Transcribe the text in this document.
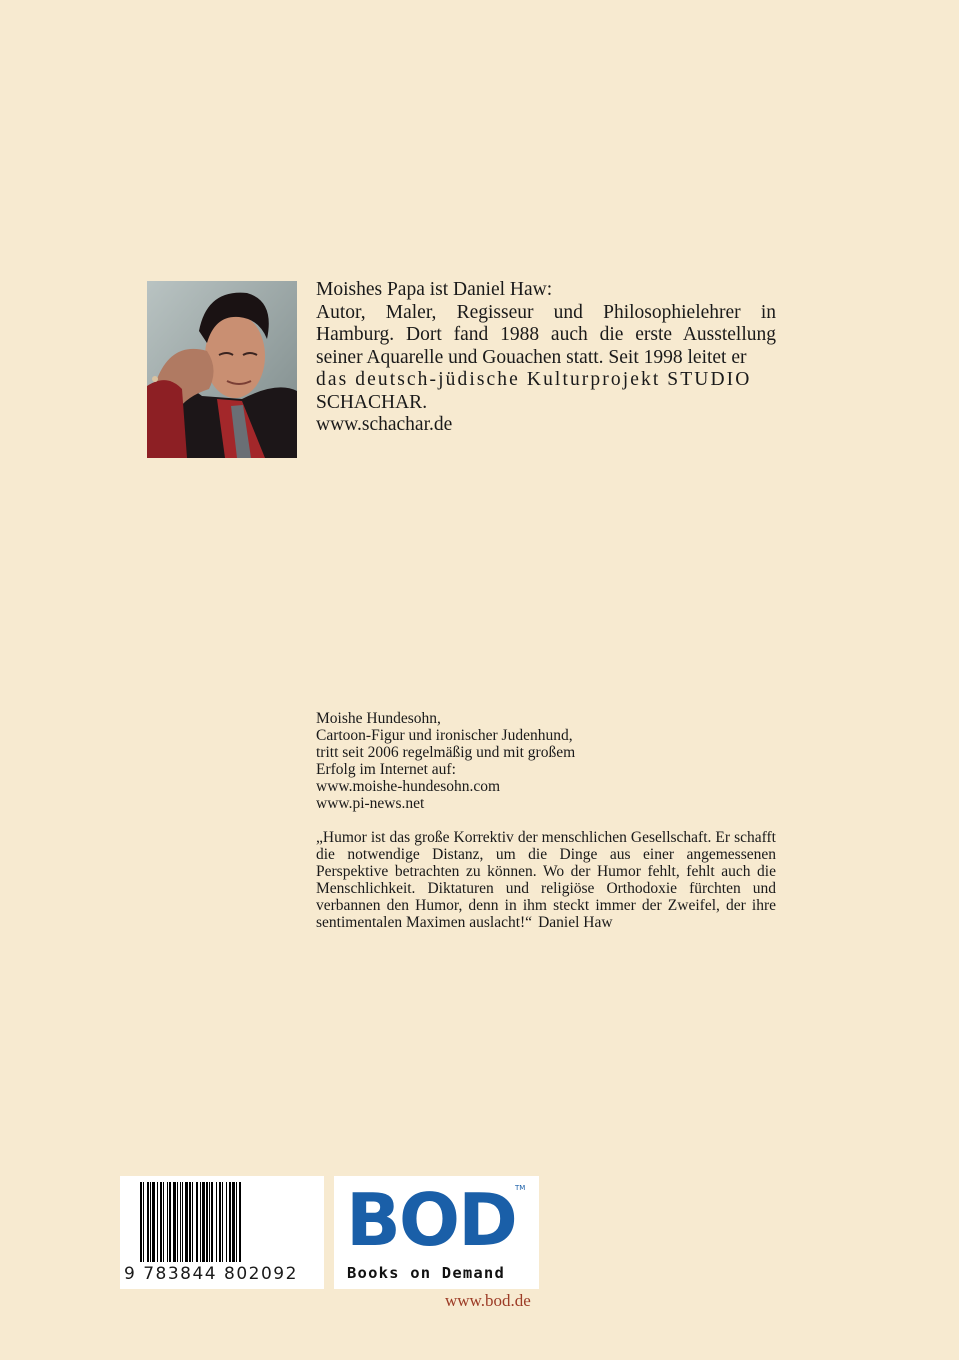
Moishes Papa ist Daniel Haw:

Autor, Maler, Regisseur und Philosophielehrer in Hamburg. Dort fand 1988 auch die erste Ausstellung seiner Aquarelle und Gouachen statt. Seit 1998 leitet er

das deutsch-jüdische Kulturprojekt STUDIO

SCHACHAR.

www.schachar.de

Moishe Hundesohn,
Cartoon-Figur und ironischer Judenhund,
tritt seit 2006 regelmäßig und mit großem
Erfolg im Internet auf:
www.moishe-hundesohn.com
www.pi-news.net
„Humor ist das große Korrektiv der menschlichen Gesellschaft. Er schafft die notwendige Distanz, um die Dinge aus einer angemessenen Perspektive betrachten zu können. Wo der Humor fehlt, fehlt auch die Menschlichkeit. Diktaturen und religiöse Orthodoxie fürchten und verbannen den Humor, denn in ihm steckt immer der Zweifel, der ihre sentimentalen Maximen auslacht!“ Daniel Haw
9 783844 802092
BOD TM
Books on Demand
www.bod.de
